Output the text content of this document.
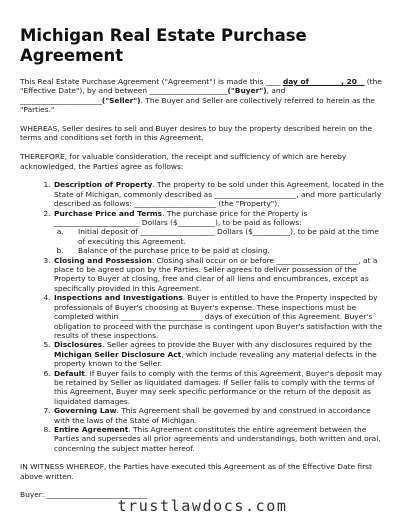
Michigan Real Estate Purchase Agreement

This Real Estate Purchase Agreement ("Agreement") is made this ____ day of ________, 20__ (the "Effective Date"), by and between _____________________("Buyer"), and ______________________("Seller"). The Buyer and Seller are collectively referred to herein as the "Parties."

WHEREAS, Seller desires to sell and Buyer desires to buy the property described herein on the terms and conditions set forth in this Agreement.

THEREFORE, for valuable consideration, the receipt and sufficiency of which are hereby acknowledged, the Parties agree as follows:

1. Description of Property. The property to be sold under this Agreement, located in the State of Michigan, commonly described as ______________________, and more particularly described as follows: ______________________ (the "Property").
2. Purchase Price and Terms. The purchase price for the Property is _______________________ Dollars ($__________), to be paid as follows:
a. Initial deposit of ____________________ Dollars ($__________), to be paid at the time of executing this Agreement.
b. Balance of the purchase price to be paid at closing.
3. Closing and Possession. Closing shall occur on or before ______________________, at a place to be agreed upon by the Parties. Seller agrees to deliver possession of the Property to Buyer at closing, free and clear of all liens and encumbrances, except as specifically provided in this Agreement.
4. Inspections and Investigations. Buyer is entitled to have the Property inspected by professionals of Buyer's choosing at Buyer's expense. These inspections must be completed within ______________________ days of execution of this Agreement. Buyer's obligation to proceed with the purchase is contingent upon Buyer's satisfaction with the results of these inspections.
5. Disclosures. Seller agrees to provide the Buyer with any disclosures required by the Michigan Seller Disclosure Act, which include revealing any material defects in the property known to the Seller.
6. Default. If Buyer fails to comply with the terms of this Agreement, Buyer's deposit may be retained by Seller as liquidated damages. If Seller fails to comply with the terms of this Agreement, Buyer may seek specific performance or the return of the deposit as liquidated damages.
7. Governing Law. This Agreement shall be governed by and construed in accordance with the laws of the State of Michigan.
8. Entire Agreement. This Agreement constitutes the entire agreement between the Parties and supersedes all prior agreements and understandings, both written and oral, concerning the subject matter hereof.

IN WITNESS WHEREOF, the Parties have executed this Agreement as of the Effective Date first above written.

Buyer: ___________________________

trustlawdocs.com
